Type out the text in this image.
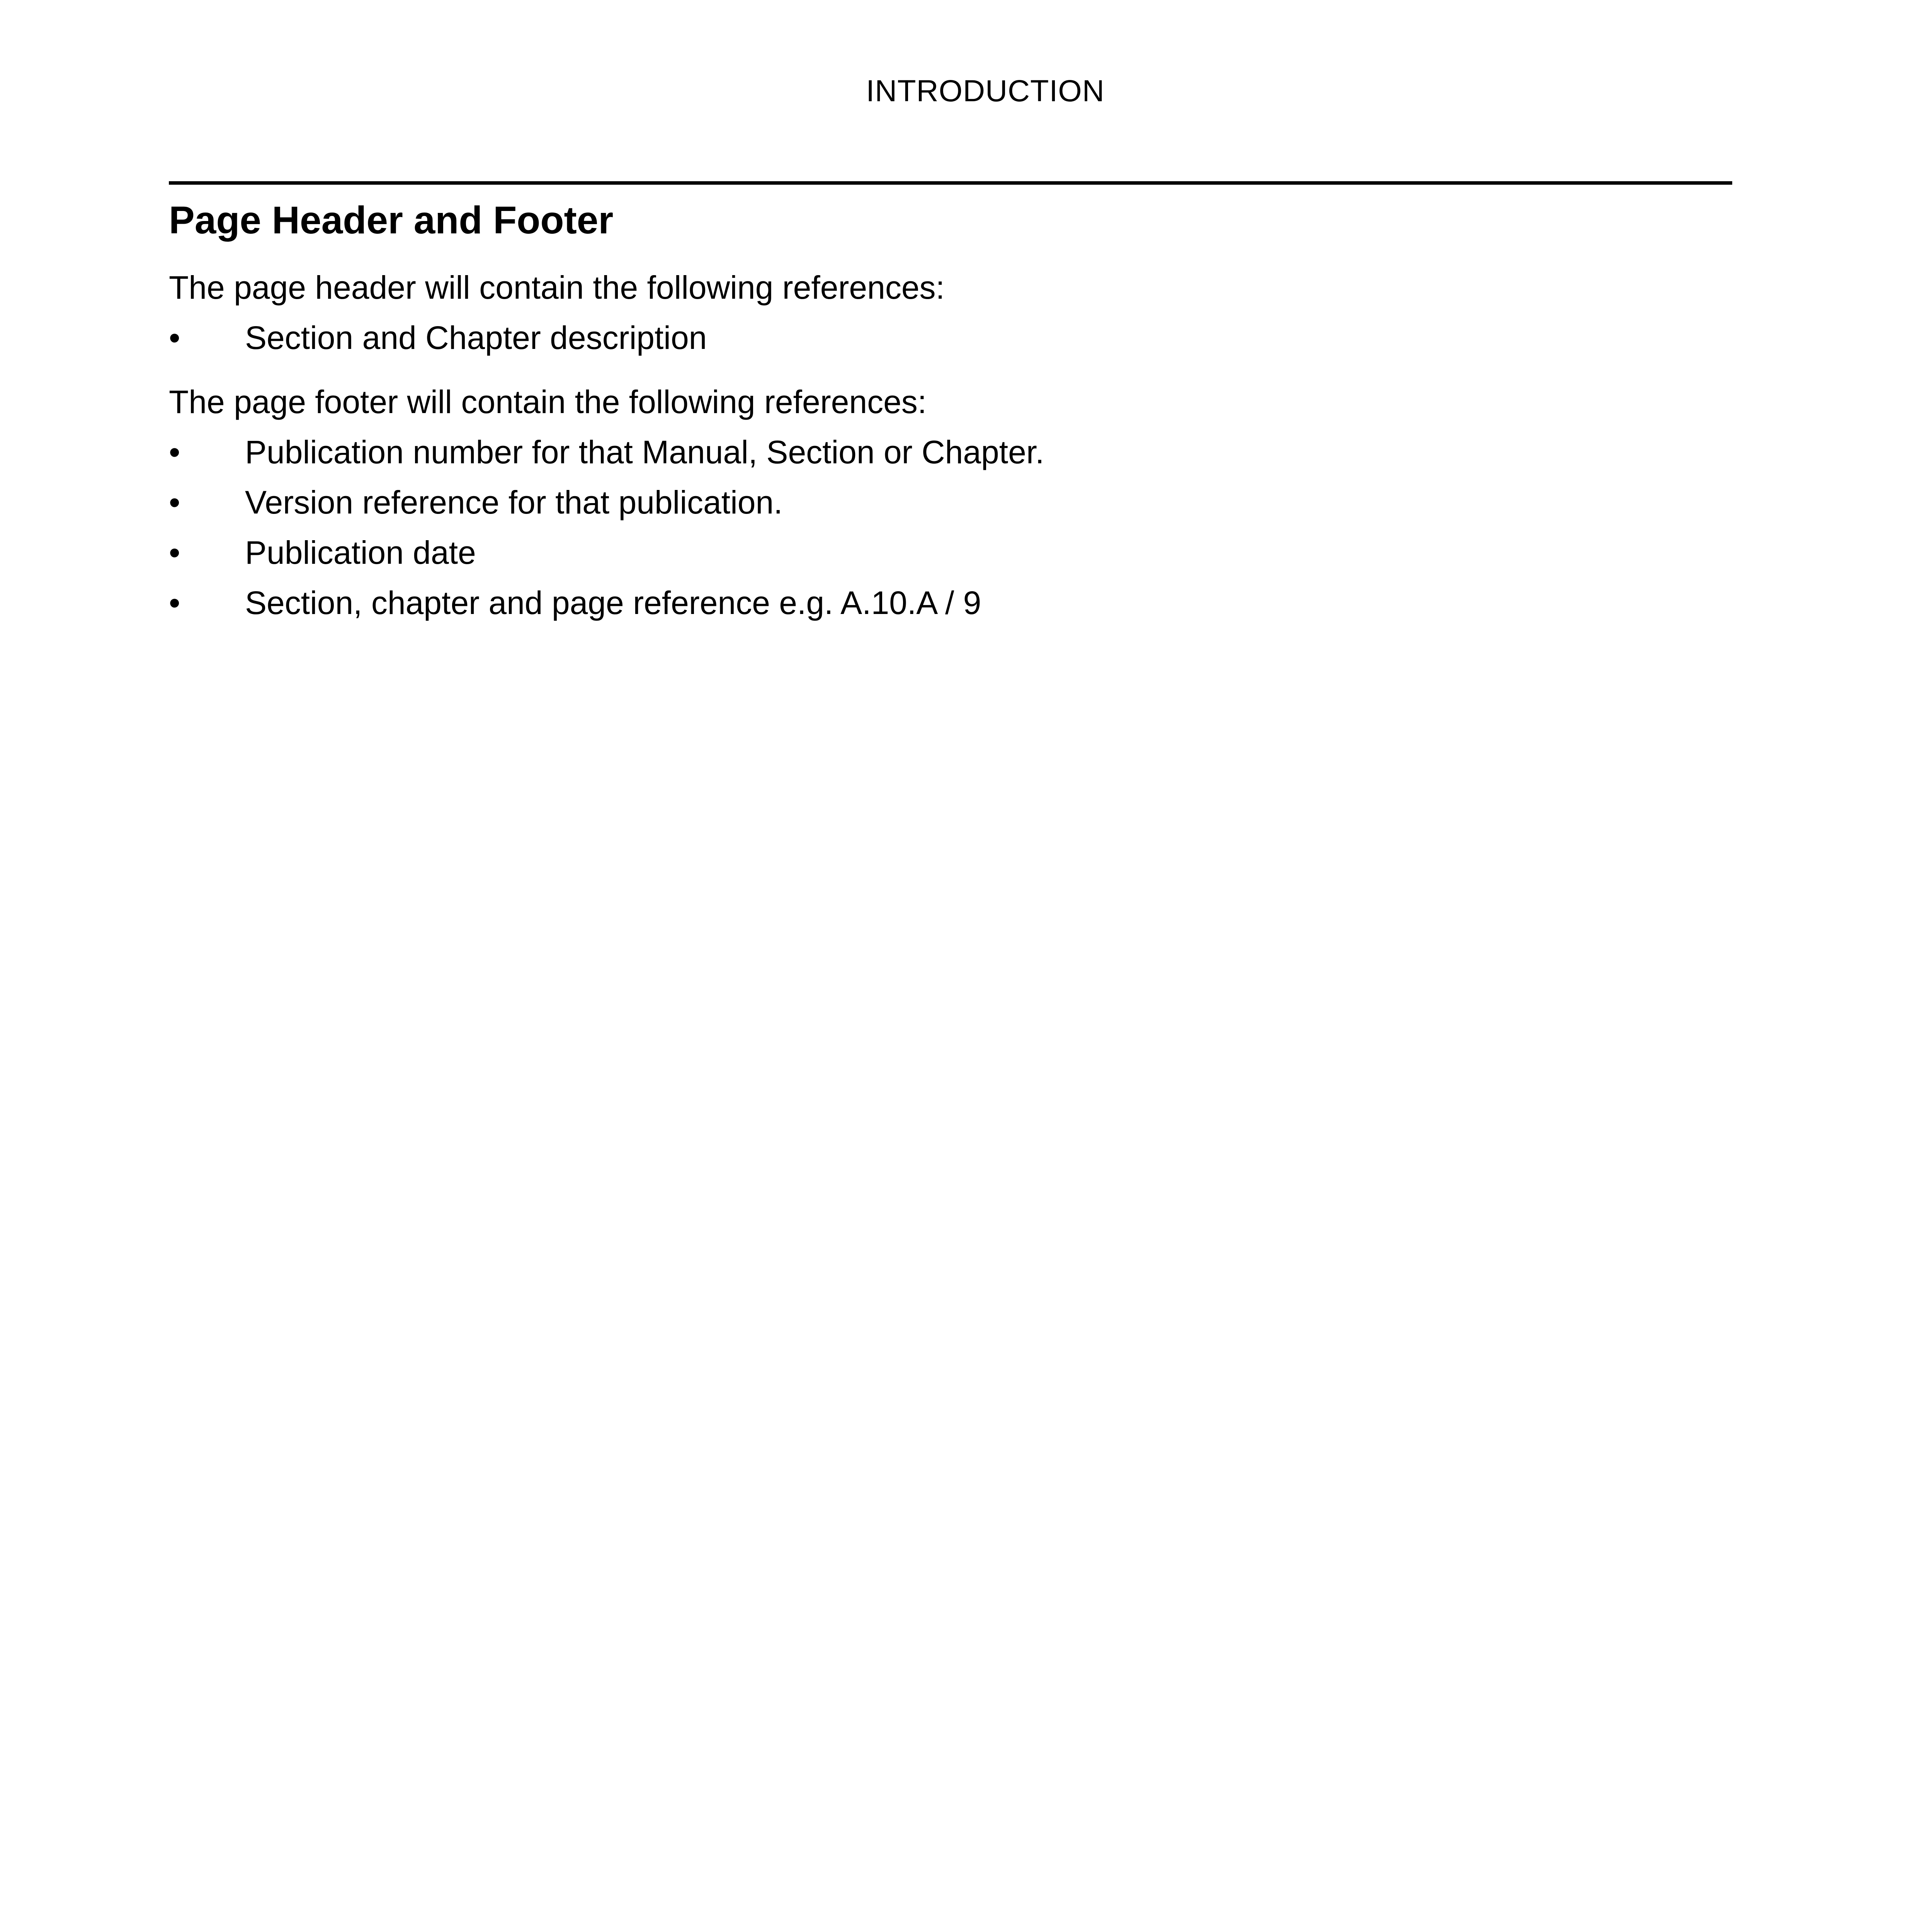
INTRODUCTION
Page Header and Footer

The page header will contain the following references:

• Section and Chapter description

The page footer will contain the following references:

• Publication number for that Manual, Section or Chapter.
• Version reference for that publication.
• Publication date
• Section, chapter and page reference e.g. A.10.A / 9
